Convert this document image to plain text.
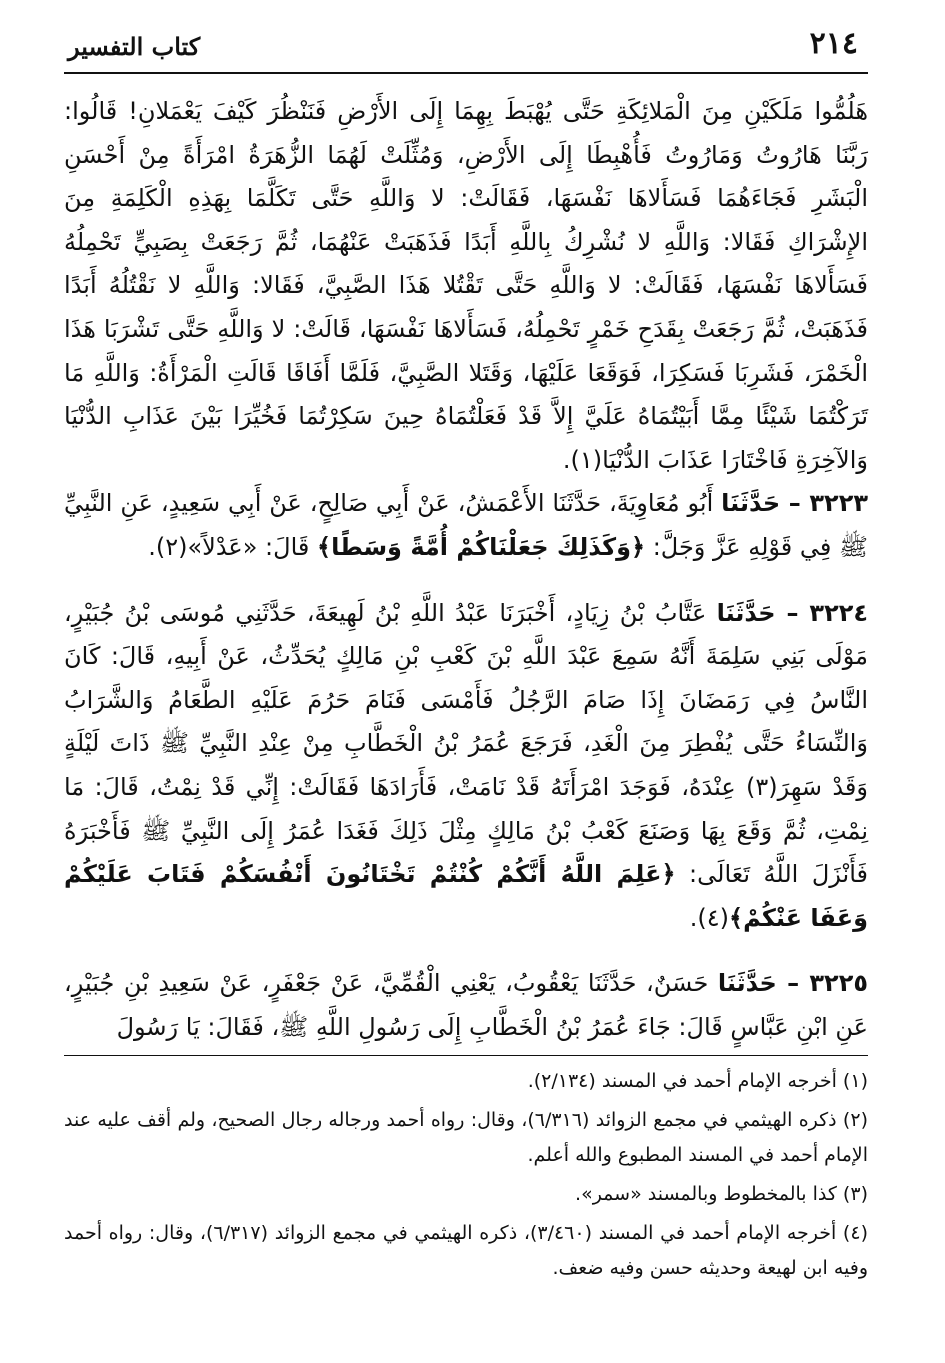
٢١٤
كتاب التفسير

هَلُمُّوا مَلَكَيْنِ مِنَ الْمَلائِكَةِ حَتَّى يُهْبَطَ بِهِمَا إِلَى الأَرْضِ فَنَنْظُرَ كَيْفَ يَعْمَلانِ! قَالُوا: رَبَّنَا هَارُوتُ وَمَارُوتُ فَأُهْبِطَا إِلَى الأَرْضِ، وَمُثِّلَتْ لَهُمَا الزُّهَرَةُ امْرَأَةً مِنْ أَحْسَنِ الْبَشَرِ فَجَاءَهُمَا فَسَأَلاهَا نَفْسَهَا، فَقَالَتْ: لا وَاللَّهِ حَتَّى تَكَلَّمَا بِهَذِهِ الْكَلِمَةِ مِنَ الإِشْرَاكِ فَقَالا: وَاللَّهِ لا نُشْرِكُ بِاللَّهِ أَبَدًا فَذَهَبَتْ عَنْهُمَا، ثُمَّ رَجَعَتْ بِصَبِيٍّ تَحْمِلُهُ فَسَأَلاهَا نَفْسَهَا، فَقَالَتْ: لا وَاللَّهِ حَتَّى تَقْتُلا هَذَا الصَّبِيَّ، فَقَالا: وَاللَّهِ لا نَقْتُلُهُ أَبَدًا فَذَهَبَتْ، ثُمَّ رَجَعَتْ بِقَدَحِ خَمْرٍ تَحْمِلُهُ، فَسَأَلاهَا نَفْسَهَا، قَالَتْ: لا وَاللَّهِ حَتَّى تَشْرَبَا هَذَا الْخَمْرَ، فَشَرِبَا فَسَكِرَا، فَوَقَعَا عَلَيْهَا، وَقَتَلا الصَّبِيَّ، فَلَمَّا أَفَاقَا قَالَتِ الْمَرْأَةُ: وَاللَّهِ مَا تَرَكْتُمَا شَيْئًا مِمَّا أَبَيْتُمَاهُ عَلَيَّ إِلاَّ قَدْ فَعَلْتُمَاهُ حِينَ سَكِرْتُمَا فَخُيِّرَا بَيْنَ عَذَابِ الدُّنْيَا وَالآخِرَةِ فَاخْتَارَا عَذَابَ الدُّنْيَا(١).

٣٢٢٣ – حَدَّثَنَا أَبُو مُعَاوِيَةَ، حَدَّثَنَا الأَعْمَشُ، عَنْ أَبِي صَالِحٍ، عَنْ أَبِي سَعِيدٍ، عَنِ النَّبِيِّ ﷺ فِي قَوْلِهِ عَزَّ وَجَلَّ: ﴿وَكَذَلِكَ جَعَلْنَاكُمْ أُمَّةً وَسَطًا﴾ قَالَ: «عَدْلاً»(٢).

٣٢٢٤ – حَدَّثَنَا عَتَّابُ بْنُ زِيَادٍ، أَخْبَرَنَا عَبْدُ اللَّهِ بْنُ لَهِيعَةَ، حَدَّثَنِي مُوسَى بْنُ جُبَيْرٍ، مَوْلَى بَنِي سَلِمَةَ أَنَّهُ سَمِعَ عَبْدَ اللَّهِ بْنَ كَعْبِ بْنِ مَالِكٍ يُحَدِّثُ، عَنْ أَبِيهِ، قَالَ: كَانَ النَّاسُ فِي رَمَضَانَ إِذَا صَامَ الرَّجُلُ فَأَمْسَى فَنَامَ حَرُمَ عَلَيْهِ الطَّعَامُ وَالشَّرَابُ وَالنِّسَاءُ حَتَّى يُفْطِرَ مِنَ الْغَدِ، فَرَجَعَ عُمَرُ بْنُ الْخَطَّابِ مِنْ عِنْدِ النَّبِيِّ ﷺ ذَاتَ لَيْلَةٍ وَقَدْ سَهِرَ(٣) عِنْدَهُ، فَوَجَدَ امْرَأَتَهُ قَدْ نَامَتْ، فَأَرَادَهَا فَقَالَتْ: إِنِّي قَدْ نِمْتُ، قَالَ: مَا نِمْتِ، ثُمَّ وَقَعَ بِهَا وَصَنَعَ كَعْبُ بْنُ مَالِكٍ مِثْلَ ذَلِكَ فَغَدَا عُمَرُ إِلَى النَّبِيِّ ﷺ فَأَخْبَرَهُ فَأَنْزَلَ اللَّهُ تَعَالَى: ﴿عَلِمَ اللَّهُ أَنَّكُمْ كُنْتُمْ تَخْتَانُونَ أَنْفُسَكُمْ فَتَابَ عَلَيْكُمْ وَعَفَا عَنْكُمْ﴾(٤).

٣٢٢٥ – حَدَّثَنَا حَسَنٌ، حَدَّثَنَا يَعْقُوبُ، يَعْنِي الْقُمِّيَّ، عَنْ جَعْفَرٍ، عَنْ سَعِيدِ بْنِ جُبَيْرٍ، عَنِ ابْنِ عَبَّاسٍ قَالَ: جَاءَ عُمَرُ بْنُ الْخَطَّابِ إِلَى رَسُولِ اللَّهِ ﷺ، فَقَالَ: يَا رَسُولَ

(١) أخرجه الإمام أحمد في المسند (٢/١٣٤).

(٢) ذكره الهيثمي في مجمع الزوائد (٦/٣١٦)، وقال: رواه أحمد ورجاله رجال الصحيح، ولم أقف عليه عند الإمام أحمد في المسند المطبوع والله أعلم.

(٣) كذا بالمخطوط وبالمسند «سمر».

(٤) أخرجه الإمام أحمد في المسند (٣/٤٦٠)، ذكره الهيثمي في مجمع الزوائد (٦/٣١٧)، وقال: رواه أحمد وفيه ابن لهيعة وحديثه حسن وفيه ضعف.
